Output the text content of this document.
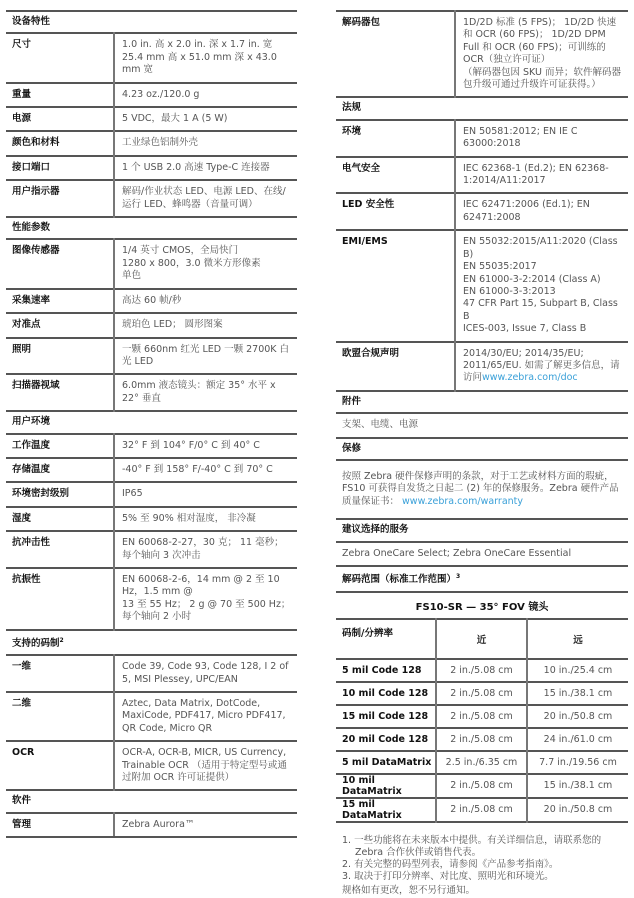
设备特性	
尺寸	1.0 in. 高 x 2.0 in. 深 x 1.7 in. 宽
25.4 mm 高 x 51.0 mm 深 x 43.0 mm 宽
重量	4.23 oz./120.0 g
电源	5 VDC，最大 1 A (5 W)
颜色和材料	工业绿色铝制外壳
接口端口	1 个 USB 2.0 高速 Type-C 连接器
用户指示器	解码/作业状态 LED、电源 LED、在线/运行 LED、蜂鸣器（音量可调）
性能参数	
图像传感器	1/4 英寸 CMOS，全局快门
1280 x 800，3.0 微米方形像素
单色
采集速率	高达 60 帧/秒
对准点	琥珀色 LED； 圆形图案
照明	一颗 660nm 红光 LED 一颗 2700K 白光 LED
扫描器视域	6.0mm 液态镜头：额定 35° 水平 x 22° 垂直
用户环境	
工作温度	32° F 到 104° F/0° C 到 40° C
存储温度	-40° F 到 158° F/-40° C 到 70° C
环境密封级别	IP65

湿度	5% 至 90% 相对湿度， 非冷凝
抗冲击性	EN 60068-2-27，30 克； 11 毫秒；每个轴向 3 次冲击
抗振性	EN 60068-2-6，14 mm @ 2 至 10 Hz，1.5 mm @
13 至 55 Hz； 2 g @ 70 至 500 Hz；每个轴向 2 小时
支持的码制$^2$
一维	Code 39, Code 93, Code 128, I 2 of 5, MSI Plessey, UPC/EAN
二维	Aztec, Data Matrix, DotCode, MaxiCode, PDF417, Micro PDF417, QR Code, Micro QR
OCR	OCR-A, OCR-B, MICR, US Currency, Trainable OCR （适用于特定型号或通过附加 OCR 许可证提供）
软件	
管理	Zebra Aurora™
解码器包	1D/2D 标准 (5 FPS)； 1D/2D 快速和 OCR (60 FPS)； 1D/2D DPM Full 和 OCR (60 FPS)；可训练的 OCR（独立许可证）
（解码器包因 SKU 而异；软件解码器包升级可通过升级许可证获得。）
法规	
环境	EN 50581:2012; EN IE C 63000:2018
电气安全	IEC 62368-1 (Ed.2); EN 62368-1:2014/A11:2017

LED 安全性	IEC 62471:2006 (Ed.1); EN 62471:2008
EMI/EMS	EN 55032:2015/A11:2020 (Class B)
EN 55035:2017
EN 61000-3-2:2014 (Class A)
EN 61000-3-3:2013
47 CFR Part 15, Subpart B, Class B
ICES-003, Issue 7, Class B
欧盟合规声明	2014/30/EU; 2014/35/EU; 2011/65/EU. 如需了解更多信息，请访问www.zebra.com/doc
附件	
支架、电缆、电源	
保修	
按照 Zebra 硬件保修声明的条款，对于工艺或材料方面的瑕疵，FS10 可获得自发货之日起二 (2) 年的保修服务。Zebra 硬件产品质量保证书： www.zebra.com/warranty	
建议选择的服务	
Zebra OneCare Select; Zebra OneCare Essential	
解码范围（标准工作范围）$^3$
FS10-SR — 35° FOV 镜头
码制/分辨率	近	远
5 mil Code 128	2 in./5.08 cm	10 in./25.4 cm
10 mil Code 128	2 in./5.08 cm	15 in./38.1 cm
15 mil Code 128	2 in./5.08 cm	20 in./50.8 cm
20 mil Code 128	2 in./5.08 cm	24 in./61.0 cm
5 mil DataMatrix	2.5 in./6.35 cm	7.7 in./19.56 cm
10 mil DataMatrix	2 in./5.08 cm	15 in./38.1 cm
15 mil DataMatrix	2 in./5.08 cm	20 in./50.8 cm
1. 一些功能将在未来版本中提供。有关详细信息，请联系您的 Zebra 合作伙伴或销售代表。
2. 有关完整的码型列表，请参阅《产品参考指南》。
3. 取决于打印分辨率、对比度、照明光和环境光。
规格如有更改，恕不另行通知。
